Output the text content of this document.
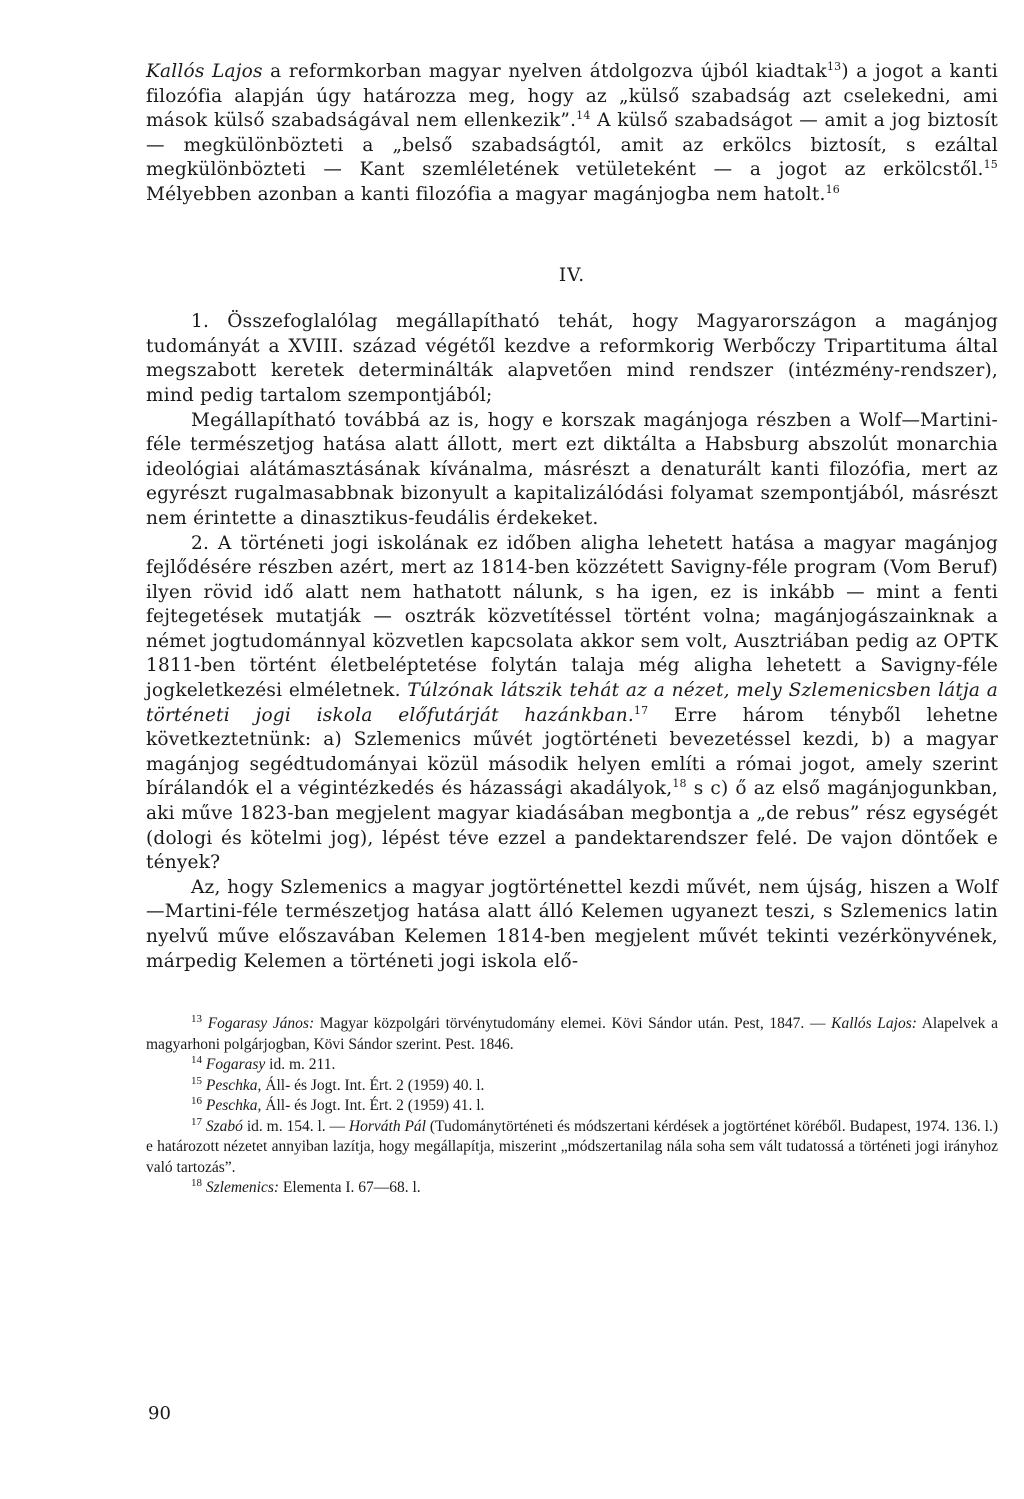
Kallós Lajos a reformkorban magyar nyelven átdolgozva újból kiadtak$^{13}$) a jogot a kanti filozófia alapján úgy határozza meg, hogy az „külső szabadság azt cselekedni, ami mások külső szabadságával nem ellenkezik”.$^{14}$ A külső szabadságot — amit a jog biztosít — megkülönbözteti a „belső szabadságtól, amit az erkölcs biztosít, s ezáltal megkülönbözteti — Kant szemléletének vetületeként — a jogot az erkölcstől.$^{15}$ Mélyebben azonban a kanti filozófia a magyar magánjogba nem hatolt.$^{16}$

IV.

1. Összefoglalólag megállapítható tehát, hogy Magyarországon a magánjog tudományát a XVIII. század végétől kezdve a reformkorig Werbőczy Tripartituma által megszabott keretek determinálták alapvetően mind rendszer (intézmény-rendszer), mind pedig tartalom szempontjából;

Megállapítható továbbá az is, hogy e korszak magánjoga részben a Wolf—Martini-féle természetjog hatása alatt állott, mert ezt diktálta a Habsburg abszolút monarchia ideológiai alátámasztásának kívánalma, másrészt a denaturált kanti filozófia, mert az egyrészt rugalmasabbnak bizonyult a kapitalizálódási folyamat szempontjából, másrészt nem érintette a dinasztikus-feudális érdekeket.

2. A történeti jogi iskolának ez időben aligha lehetett hatása a magyar magánjog fejlődésére részben azért, mert az 1814-ben közzétett Savigny-féle program (Vom Beruf) ilyen rövid idő alatt nem hathatott nálunk, s ha igen, ez is inkább — mint a fenti fejtegetések mutatják — osztrák közvetítéssel történt volna; magánjogászainknak a német jogtudománnyal közvetlen kapcsolata akkor sem volt, Ausztriában pedig az OPTK 1811-ben történt életbeléptetése folytán talaja még aligha lehetett a Savigny-féle jogkeletkezési elméletnek. Túlzónak látszik tehát az a nézet, mely Szlemenicsben látja a történeti jogi iskola előfutárját hazánkban.$^{17}$ Erre három tényből lehetne következtetnünk: a) Szlemenics művét jogtörténeti bevezetéssel kezdi, b) a magyar magánjog segédtudományai közül második helyen említi a római jogot, amely szerint bírálandók el a végintézkedés és házassági akadályok,$^{18}$ s c) ő az első magánjogunkban, aki műve 1823-ban megjelent magyar kiadásában megbontja a „de rebus” rész egységét (dologi és kötelmi jog), lépést téve ezzel a pandektarendszer felé. De vajon döntőek e tények?

Az, hogy Szlemenics a magyar jogtörténettel kezdi művét, nem újság, hiszen a Wolf—Martini-féle természetjog hatása alatt álló Kelemen ugyanezt teszi, s Szlemenics latin nyelvű műve előszavában Kelemen 1814-ben megjelent művét tekinti vezérkönyvének, márpedig Kelemen a történeti jogi iskola elő-

$^{13}$ Fogarasy János: Magyar közpolgári törvénytudomány elemei. Kövi Sándor után. Pest, 1847. — Kallós Lajos: Alapelvek a magyarhoni polgárjogban, Kövi Sándor szerint. Pest. 1846.

$^{14}$ Fogarasy id. m. 211.

$^{15}$ Peschka, Áll- és Jogt. Int. Ért. 2 (1959) 40. l.

$^{16}$ Peschka, Áll- és Jogt. Int. Ért. 2 (1959) 41. l.

$^{17}$ Szabó id. m. 154. l. — Horváth Pál (Tudománytörténeti és módszertani kérdések a jogtörténet köréből. Budapest, 1974. 136. l.) e határozott nézetet annyiban lazítja, hogy megállapítja, miszerint „módszertanilag nála soha sem vált tudatossá a történeti jogi irányhoz való tartozás”.

$^{18}$ Szlemenics: Elementa I. 67—68. l.

90
